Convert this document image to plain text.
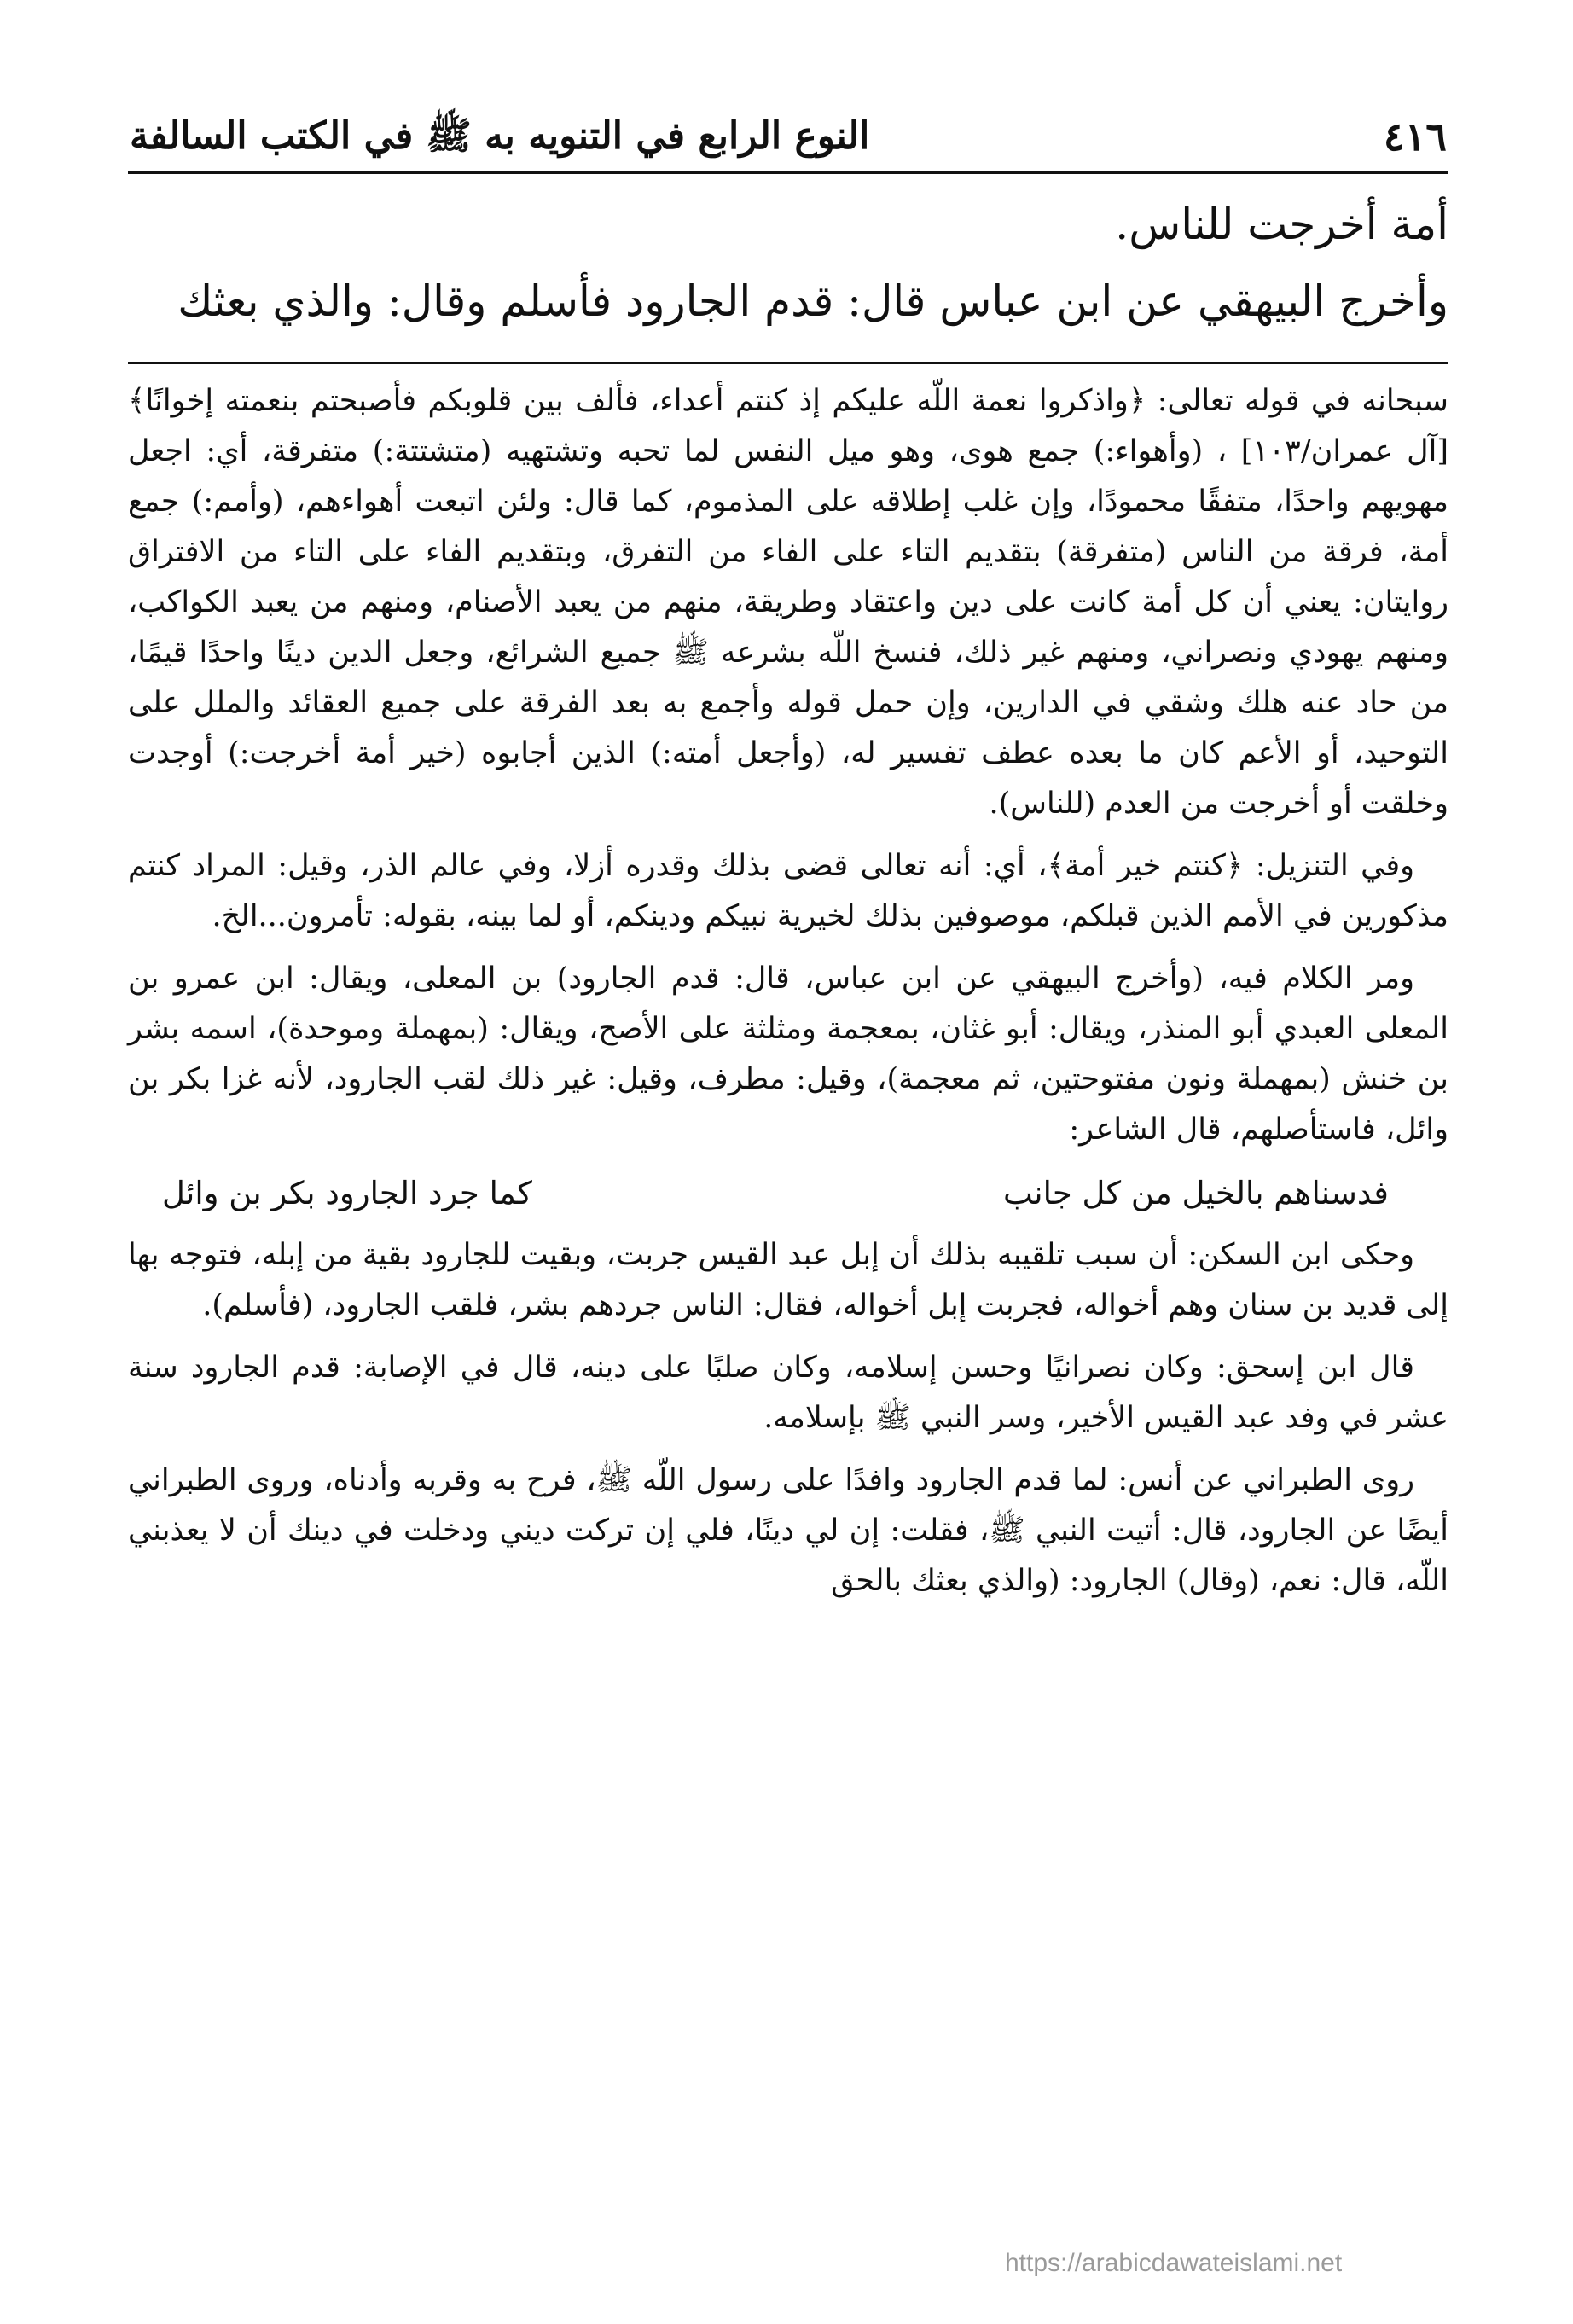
٤١٦
النوع الرابع في التنويه به ﷺ في الكتب السالفة

أمة أخرجت للناس.

وأخرج البيهقي عن ابن عباس قال: قدم الجارود فأسلم وقال: والذي بعثك

سبحانه في قوله تعالى: ﴿واذكروا نعمة اللّه عليكم إذ كنتم أعداء، فألف بين قلوبكم فأصبحتم بنعمته إخوانًا﴾ [آل عمران/١٠٣] ، (وأهواء:) جمع هوى، وهو ميل النفس لما تحبه وتشتهيه (متشتتة:) متفرقة، أي: اجعل مهويهم واحدًا، متفقًا محمودًا، وإن غلب إطلاقه على المذموم، كما قال: ولئن اتبعت أهواءهم، (وأمم:) جمع أمة، فرقة من الناس (متفرقة) بتقديم التاء على الفاء من التفرق، وبتقديم الفاء على التاء من الافتراق روايتان: يعني أن كل أمة كانت على دين واعتقاد وطريقة، منهم من يعبد الأصنام، ومنهم من يعبد الكواكب، ومنهم يهودي ونصراني، ومنهم غير ذلك، فنسخ اللّه بشرعه ﷺ جميع الشرائع، وجعل الدين دينًا واحدًا قيمًا، من حاد عنه هلك وشقي في الدارين، وإن حمل قوله وأجمع به بعد الفرقة على جميع العقائد والملل على التوحيد، أو الأعم كان ما بعده عطف تفسير له، (وأجعل أمته:) الذين أجابوه (خير أمة أخرجت:) أوجدت وخلقت أو أخرجت من العدم (للناس).

وفي التنزيل: ﴿كنتم خير أمة﴾، أي: أنه تعالى قضى بذلك وقدره أزلا، وفي عالم الذر، وقيل: المراد كنتم مذكورين في الأمم الذين قبلكم، موصوفين بذلك لخيرية نبيكم ودينكم، أو لما بينه، بقوله: تأمرون...الخ.

ومر الكلام فيه، (وأخرج البيهقي عن ابن عباس، قال: قدم الجارود) بن المعلى، ويقال: ابن عمرو بن المعلى العبدي أبو المنذر، ويقال: أبو غثان، بمعجمة ومثلثة على الأصح، ويقال: (بمهملة وموحدة)، اسمه بشر بن خنش (بمهملة ونون مفتوحتين، ثم معجمة)، وقيل: مطرف، وقيل: غير ذلك لقب الجارود، لأنه غزا بكر بن وائل، فاستأصلهم، قال الشاعر:

فدسناهم بالخيل من كل جانب
كما جرد الجارود بكر بن وائل

وحكى ابن السكن: أن سبب تلقيبه بذلك أن إبل عبد القيس جربت، وبقيت للجارود بقية من إبله، فتوجه بها إلى قديد بن سنان وهم أخواله، فجربت إبل أخواله، فقال: الناس جردهم بشر، فلقب الجارود، (فأسلم).

قال ابن إسحق: وكان نصرانيًا وحسن إسلامه، وكان صلبًا على دينه، قال في الإصابة: قدم الجارود سنة عشر في وفد عبد القيس الأخير، وسر النبي ﷺ بإسلامه.

روى الطبراني عن أنس: لما قدم الجارود وافدًا على رسول اللّه ﷺ، فرح به وقربه وأدناه، وروى الطبراني أيضًا عن الجارود، قال: أتيت النبي ﷺ، فقلت: إن لي دينًا، فلي إن تركت ديني ودخلت في دينك أن لا يعذبني اللّه، قال: نعم، (وقال) الجارود: (والذي بعثك بالحق

https://arabicdawateislami.net
